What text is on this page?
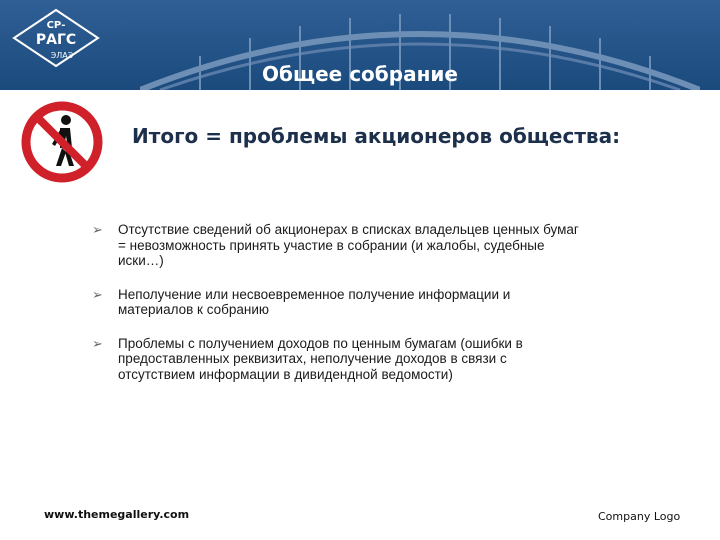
СР-
РАГС
ЭЛАЭ
Общее собрание
Итого = проблемы акционеров общества:
➢ Отсутствие сведений об акционерах в списках владельцев ценных бумаг
= невозможность принять участие в собрании (и жалобы, судебные
иски…)
➢ Неполучение или несвоевременное получение информации и
материалов к собранию
➢ Проблемы с получением доходов по ценным бумагам (ошибки в
предоставленных реквизитах, неполучение доходов в связи с
отсутствием информации в дивидендной ведомости)
www.themegallery.com	Company Logo
